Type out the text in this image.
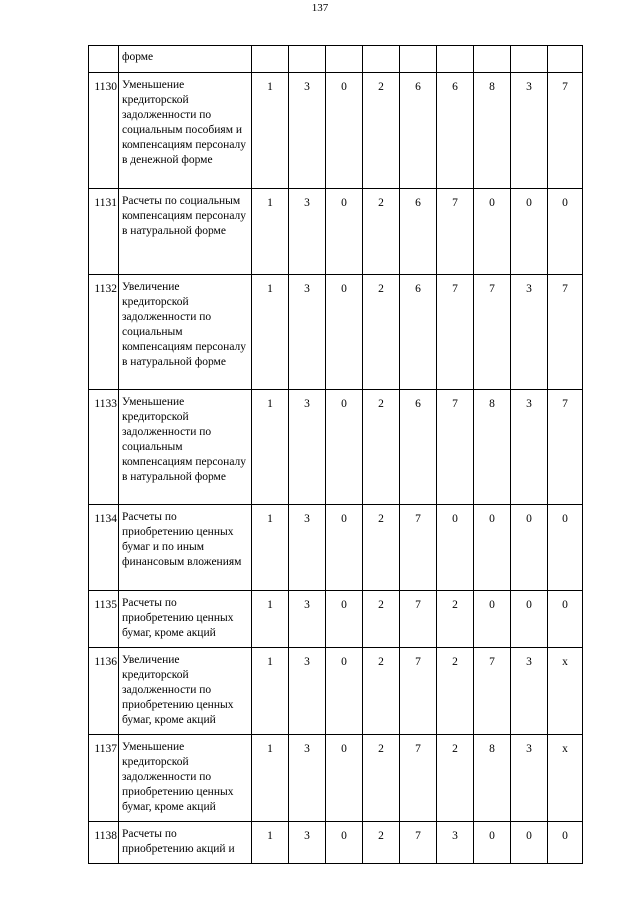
137
	форме									
1130	Уменьшение кредиторской задолженности по социальным пособиям и компенсациям персоналу в денежной форме	1	3	0	2	6	6	8	3	7
1131	Расчеты по социальным компенсациям персоналу в натуральной форме	1	3	0	2	6	7	0	0	0
1132	Увеличение кредиторской задолженности по социальным компенсациям персоналу в натуральной форме	1	3	0	2	6	7	7	3	7
1133	Уменьшение кредиторской задолженности по социальным компенсациям персоналу в натуральной форме	1	3	0	2	6	7	8	3	7
1134	Расчеты по приобретению ценных бумаг и по иным финансовым вложениям	1	3	0	2	7	0	0	0	0
1135	Расчеты по приобретению ценных бумаг, кроме акций	1	3	0	2	7	2	0	0	0
1136	Увеличение кредиторской задолженности по приобретению ценных бумаг, кроме акций	1	3	0	2	7	2	7	3	x
1137	Уменьшение кредиторской задолженности по приобретению ценных бумаг, кроме акций	1	3	0	2	7	2	8	3	x
1138	Расчеты по приобретению акций и	1	3	0	2	7	3	0	0	0
